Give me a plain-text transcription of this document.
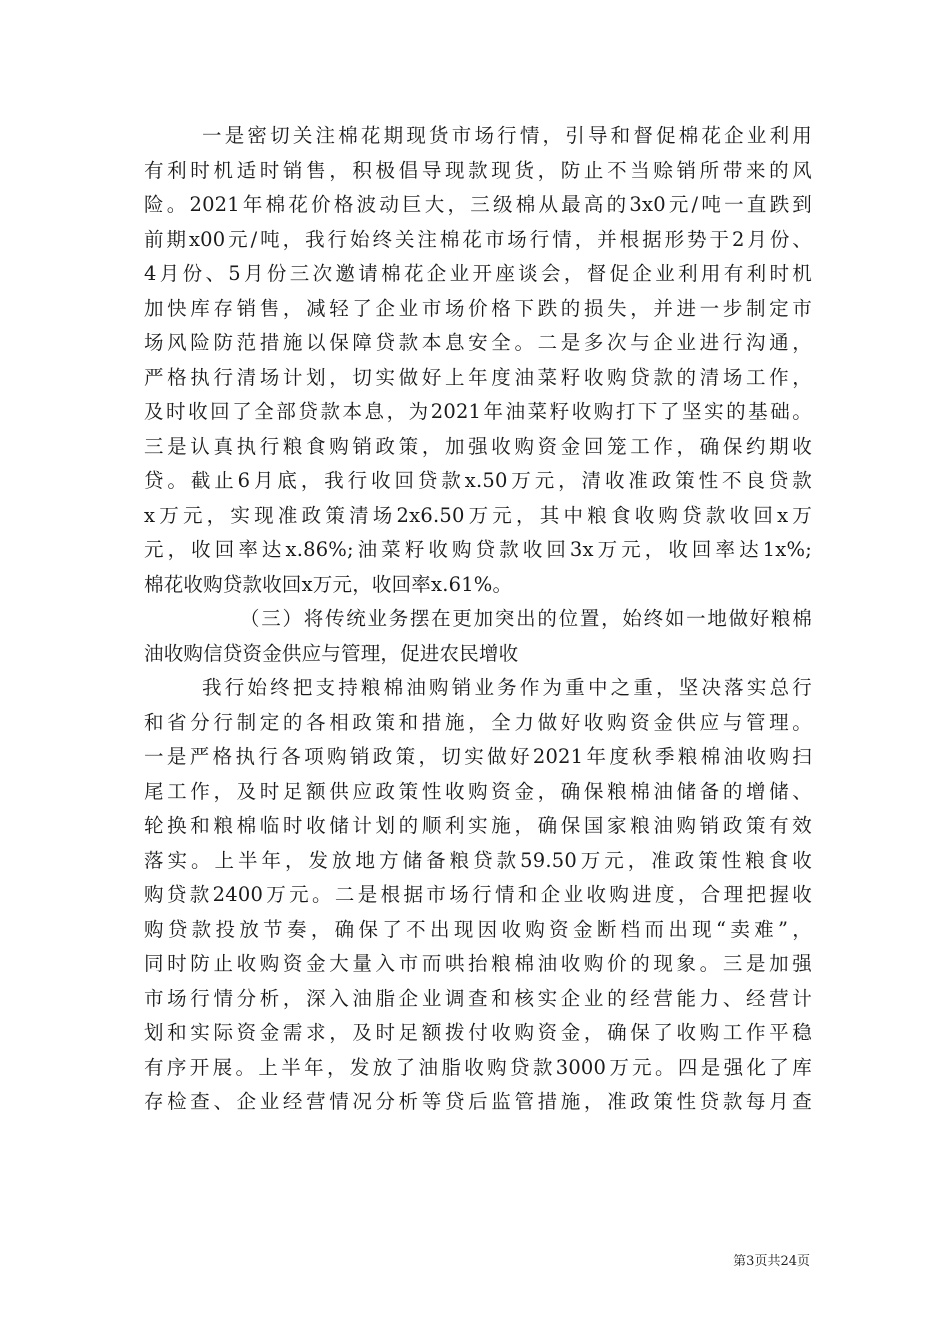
一是密切关注棉花期现货市场行情，引导和督促棉花企业利用
有利时机适时销售，积极倡导现款现货，防止不当赊销所带来的风
险。2021年棉花价格波动巨大，三级棉从最高的3x0元/吨一直跌到
前期x00元/吨，我行始终关注棉花市场行情，并根据形势于2月份、
4月份、5月份三次邀请棉花企业开座谈会，督促企业利用有利时机
加快库存销售，减轻了企业市场价格下跌的损失，并进一步制定市
场风险防范措施以保障贷款本息安全。二是多次与企业进行沟通，
严格执行清场计划，切实做好上年度油菜籽收购贷款的清场工作，
及时收回了全部贷款本息，为2021年油菜籽收购打下了坚实的基础。
三是认真执行粮食购销政策，加强收购资金回笼工作，确保约期收
贷。截止6月底，我行收回贷款x.50万元，清收准政策性不良贷款
x万元，实现准政策清场2x6.50万元，其中粮食收购贷款收回x万
元，收回率达x.86%;油菜籽收购贷款收回3x万元，收回率达1x%;
棉花收购贷款收回x万元，收回率x.61%。
（三）将传统业务摆在更加突出的位置，始终如一地做好粮棉
油收购信贷资金供应与管理，促进农民增收
我行始终把支持粮棉油购销业务作为重中之重，坚决落实总行
和省分行制定的各相政策和措施，全力做好收购资金供应与管理。
一是严格执行各项购销政策，切实做好2021年度秋季粮棉油收购扫
尾工作，及时足额供应政策性收购资金，确保粮棉油储备的增储、
轮换和粮棉临时收储计划的顺利实施，确保国家粮油购销政策有效
落实。上半年，发放地方储备粮贷款59.50万元，准政策性粮食收
购贷款2400万元。二是根据市场行情和企业收购进度，合理把握收
购贷款投放节奏，确保了不出现因收购资金断档而出现“卖难”，
同时防止收购资金大量入市而哄抬粮棉油收购价的现象。三是加强
市场行情分析，深入油脂企业调查和核实企业的经营能力、经营计
划和实际资金需求，及时足额拨付收购资金，确保了收购工作平稳
有序开展。上半年，发放了油脂收购贷款3000万元。四是强化了库
存检查、企业经营情况分析等贷后监管措施，准政策性贷款每月查
第3页共24页
